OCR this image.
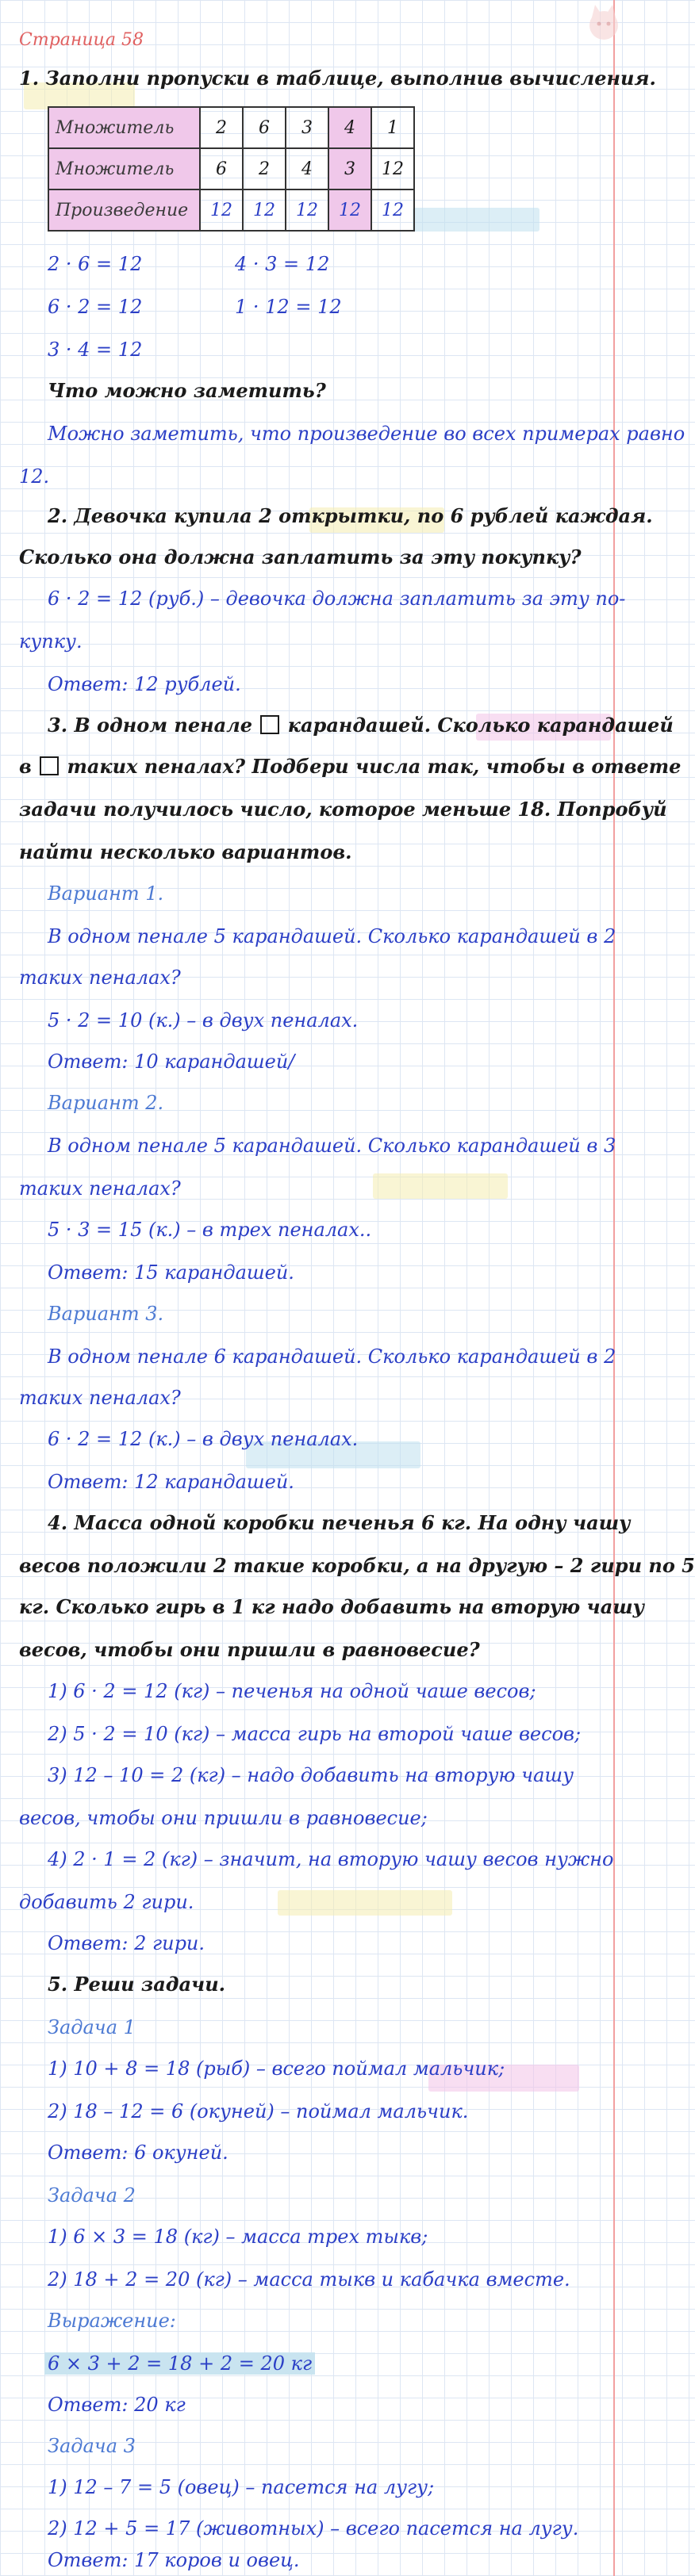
Страница 58
1. Заполни пропуски в таблице, выполнив вычисления.
Множитель	2	6	3	4	1
Множитель	6	2	4	3	12
Произведение	12	12	12	12	12
2 · 6 = 12	4 · 3 = 12
6 · 2 = 12	1 · 12 = 12
3 · 4 = 12
Что можно заметить?
Можно заметить, что произведение во всех примерах равно
12.
2. Девочка купила 2 открытки, по 6 рублей каждая.
Сколько она должна заплатить за эту покупку?
6 · 2 = 12 (руб.) – девочка должна заплатить за эту по-
купку.
Ответ: 12 рублей.
3. В одном пенале карандашей. Сколько карандашей
в таких пеналах? Подбери числа так, чтобы в ответе
задачи получилось число, которое меньше 18. Попробуй
найти несколько вариантов.
Вариант 1.
В одном пенале 5 карандашей. Сколько карандашей в 2
таких пеналах?
5 · 2 = 10 (к.) – в двух пеналах.
Ответ: 10 карандашей/
Вариант 2.
В одном пенале 5 карандашей. Сколько карандашей в 3
таких пеналах?
5 · 3 = 15 (к.) – в трех пеналах..
Ответ: 15 карандашей.
Вариант 3.
В одном пенале 6 карандашей. Сколько карандашей в 2
таких пеналах?
6 · 2 = 12 (к.) – в двух пеналах.
Ответ: 12 карандашей.
4. Масса одной коробки печенья 6 кг. На одну чашу
весов положили 2 такие коробки, а на другую – 2 гири по 5
кг. Сколько гирь в 1 кг надо добавить на вторую чашу
весов, чтобы они пришли в равновесие?
1) 6 · 2 = 12 (кг) – печенья на одной чаше весов;
2) 5 · 2 = 10 (кг) – масса гирь на второй чаше весов;
3) 12 – 10 = 2 (кг) – надо добавить на вторую чашу
весов, чтобы они пришли в равновесие;
4) 2 · 1 = 2 (кг) – значит, на вторую чашу весов нужно
добавить 2 гири.
Ответ: 2 гири.
5. Реши задачи.
Задача 1
1) 10 + 8 = 18 (рыб) – всего поймал мальчик;
2) 18 – 12 = 6 (окуней) – поймал мальчик.
Ответ: 6 окуней.
Задача 2
1) 6 × 3 = 18 (кг) – масса трех тыкв;
2) 18 + 2 = 20 (кг) – масса тыкв и кабачка вместе.
Выражение:
6 × 3 + 2 = 18 + 2 = 20 кг
Ответ: 20 кг
Задача 3
1) 12 – 7 = 5 (овец) – пасется на лугу;
2) 12 + 5 = 17 (животных) – всего пасется на лугу.
Ответ: 17 коров и овец.
